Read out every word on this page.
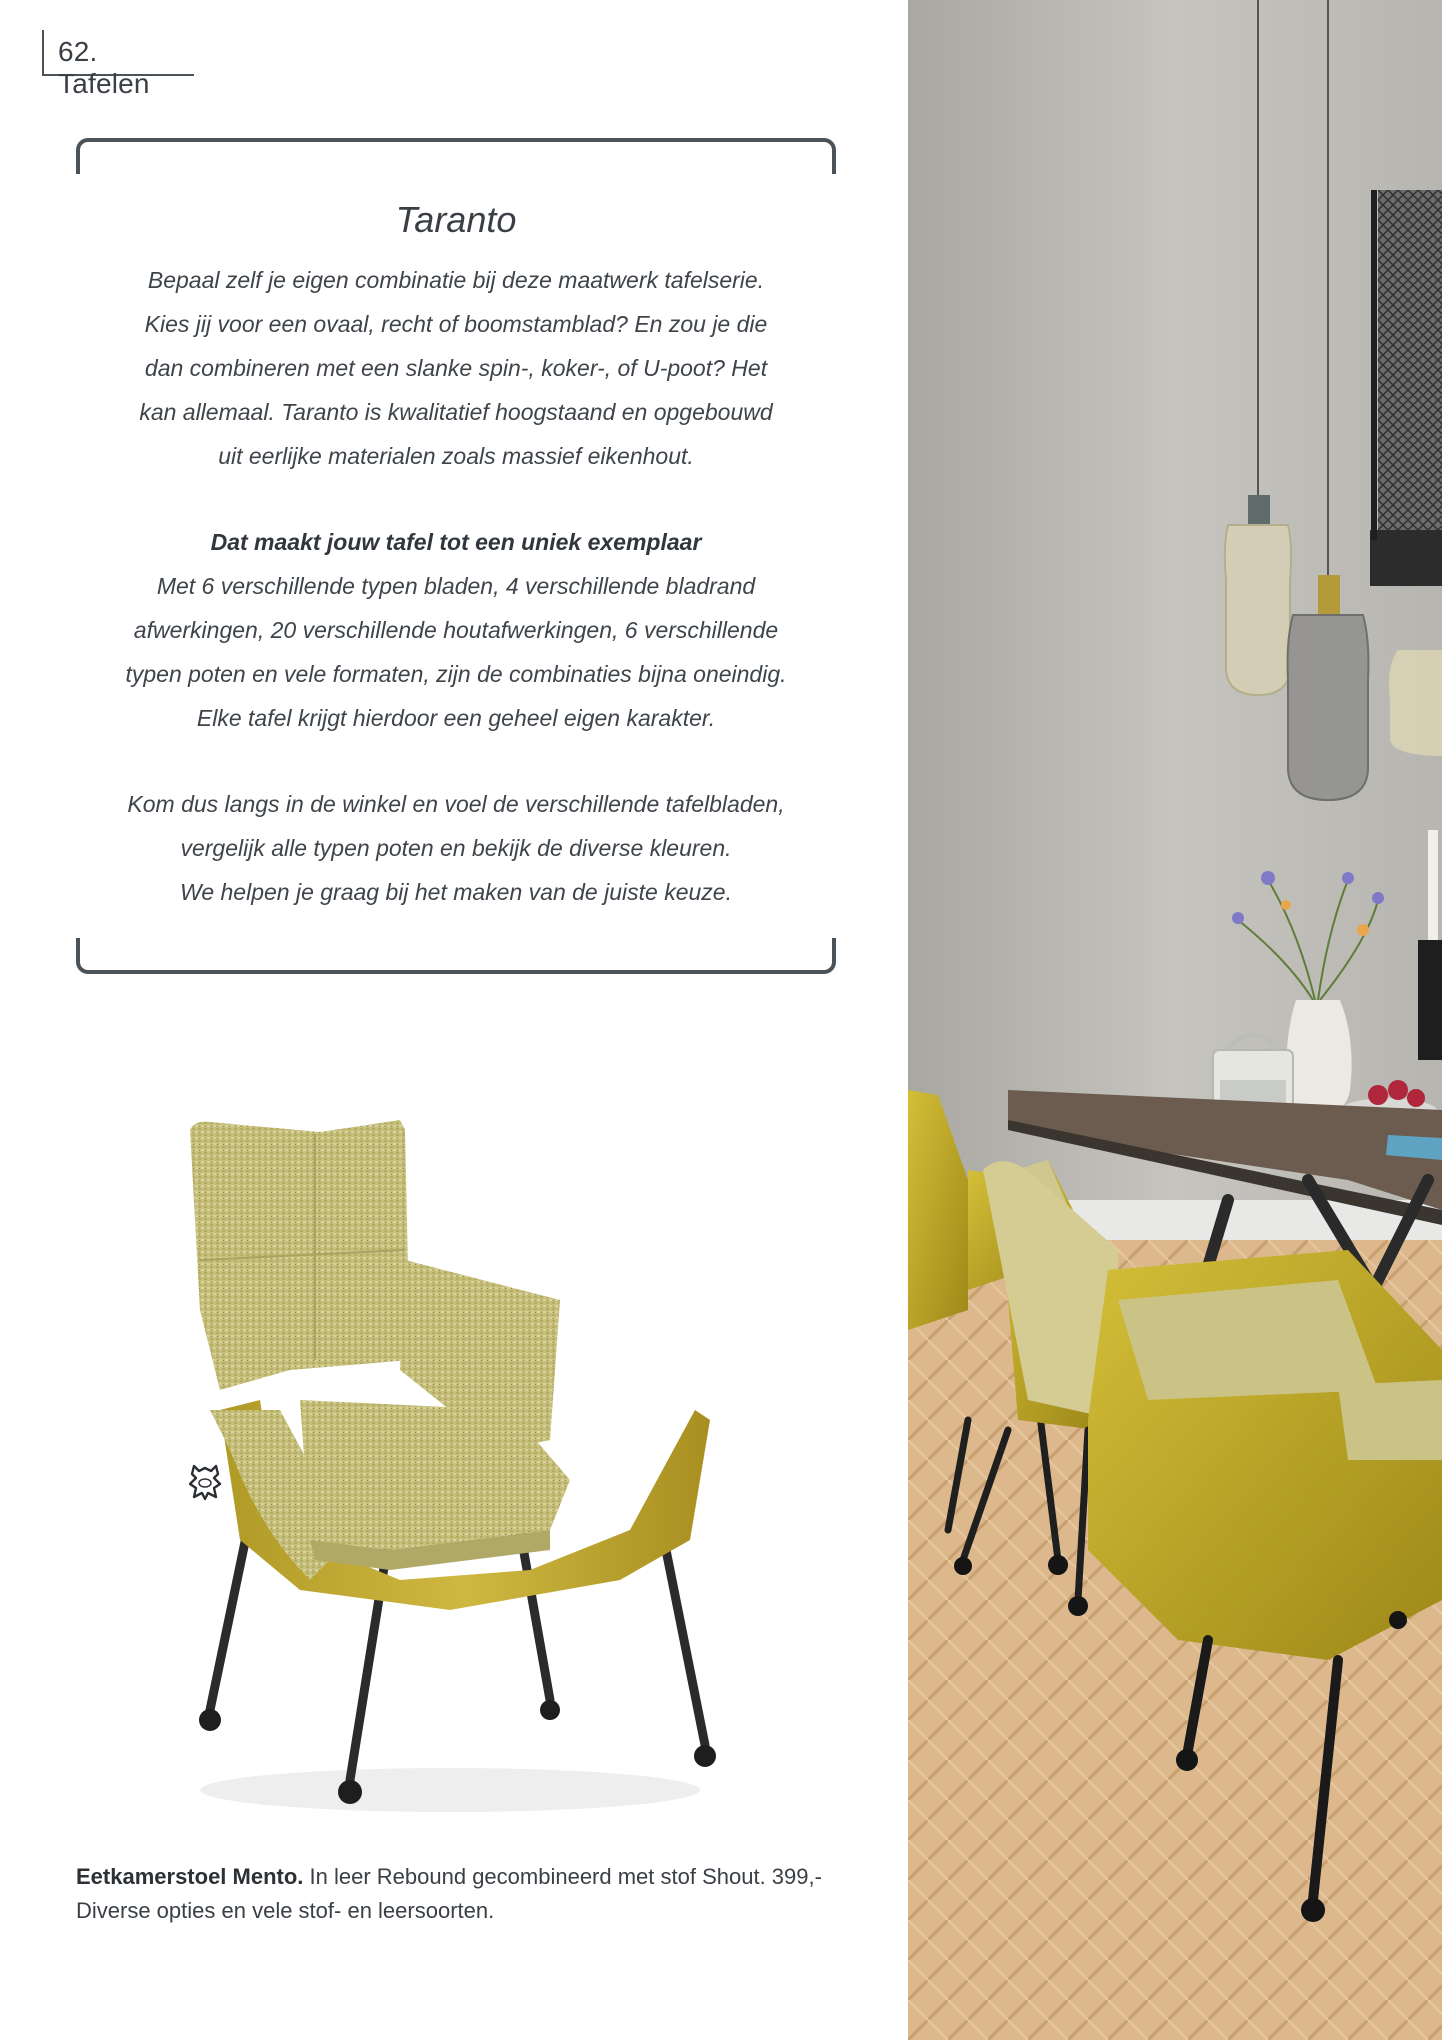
62. Tafelen
Taranto

Bepaal zelf je eigen combinatie bij deze maatwerk tafelserie.
Kies jij voor een ovaal, recht of boomstamblad? En zou je die
dan combineren met een slanke spin-, koker-, of U-poot? Het
kan allemaal. Taranto is kwalitatief hoogstaand en opgebouwd
uit eerlijke materialen zoals massief eikenhout.

Dat maakt jouw tafel tot een uniek exemplaar

Met 6 verschillende typen bladen, 4 verschillende bladrand
afwerkingen, 20 verschillende houtafwerkingen, 6 verschillende
typen poten en vele formaten, zijn de combinaties bijna oneindig.
Elke tafel krijgt hierdoor een geheel eigen karakter.

Kom dus langs in de winkel en voel de verschillende tafelbladen,
vergelijk alle typen poten en bekijk de diverse kleuren.
We helpen je graag bij het maken van de juiste keuze.

Eetkamerstoel Mento. In leer Rebound gecombineerd met stof Shout. 399,-
Diverse opties en vele stof- en leersoorten.
